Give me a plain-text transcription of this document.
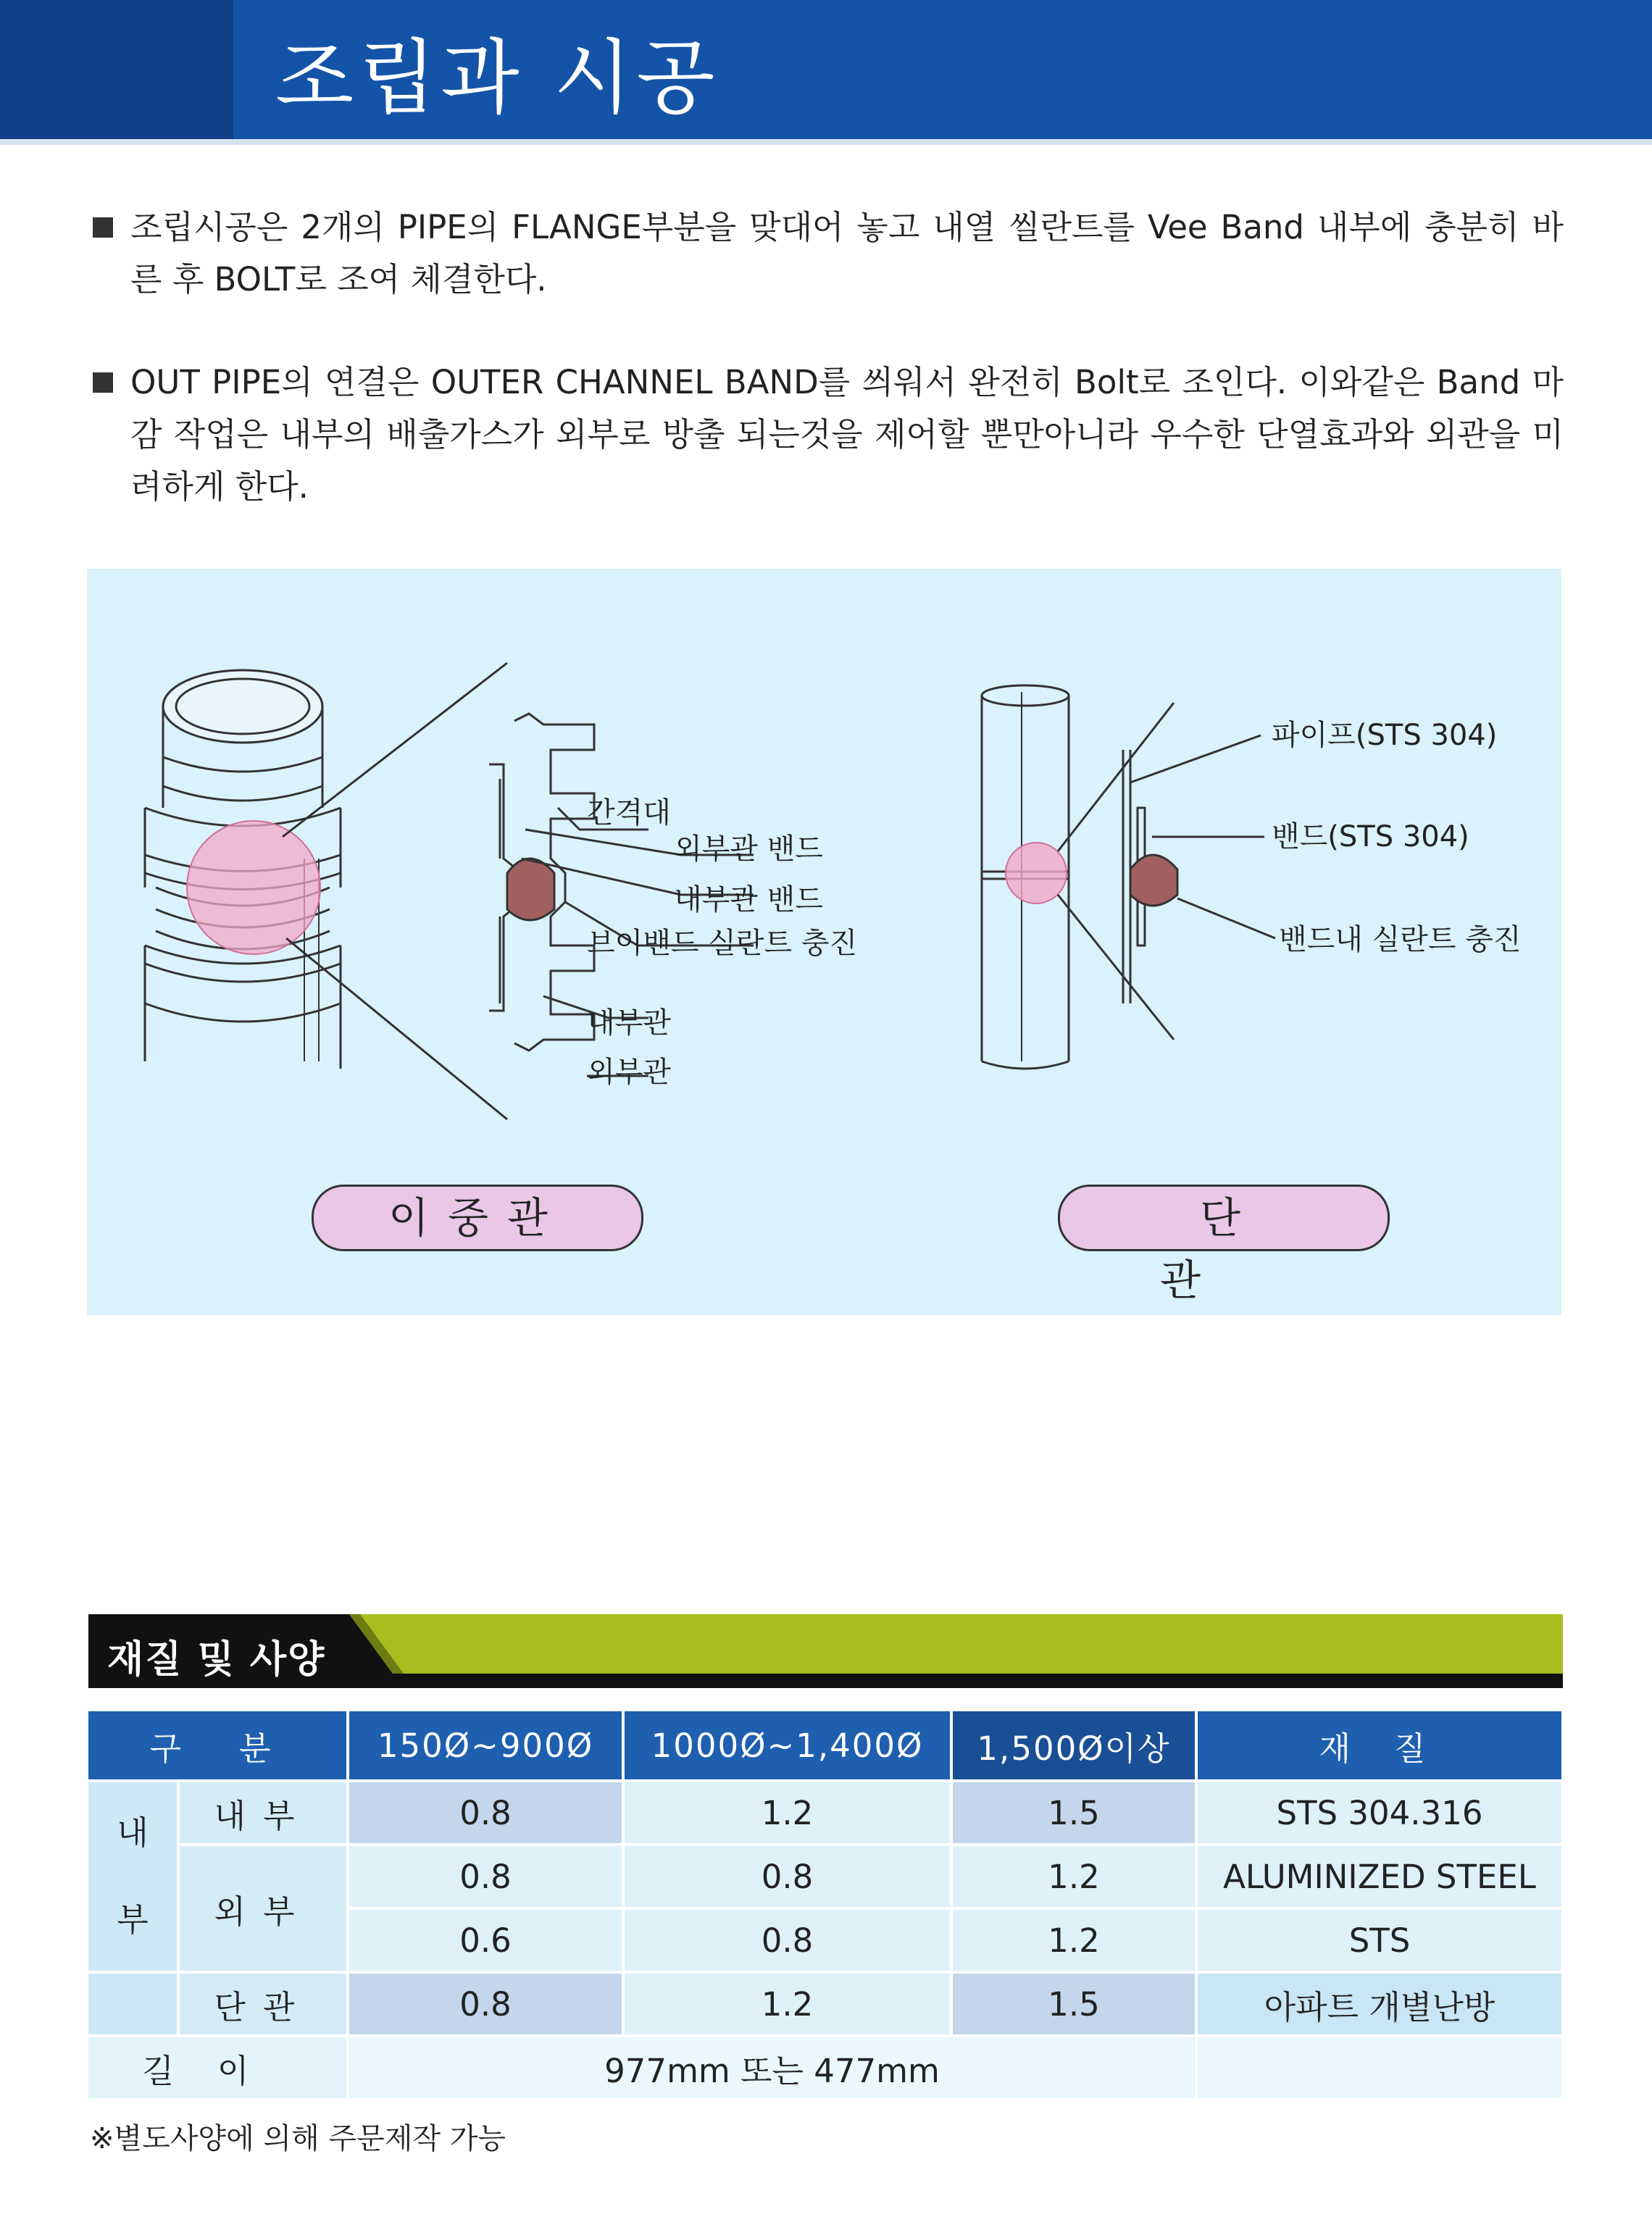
조립과 시공
조립시공은 2개의 PIPE의 FLANGE부분을 맞대어 놓고 내열 씰란트를 Vee Band 내부에 충분히 바른 후 BOLT로 조여 체결한다.
OUT PIPE의 연결은 OUTER CHANNEL BAND를 씌워서 완전히 Bolt로 조인다. 이와같은 Band 마감 작업은 내부의 배출가스가 외부로 방출 되는것을 제어할 뿐만아니라 우수한 단열효과와 외관을 미려하게 한다.
간격대
외부관 밴드
내부관 밴드
브이밴드 실란트 충진
내부관
외부관
파이프(STS 304)
밴드(STS 304)
밴드내 실란트 충진
이중관	단관
재질 및 사양
구분		150Ø~900Ø	1000Ø~1,400Ø	1,500Ø이상	재질
내부	내부	0.8	1.2	1.5	STS 304.316
	외부	0.8	0.8	1.2	ALUMINIZED STEEL
		0.6	0.8	1.2	STS
	단관	0.8	1.2	1.5	아파트 개별난방
길이		977mm 또는 477mm			
※별도사양에 의해 주문제작 가능
